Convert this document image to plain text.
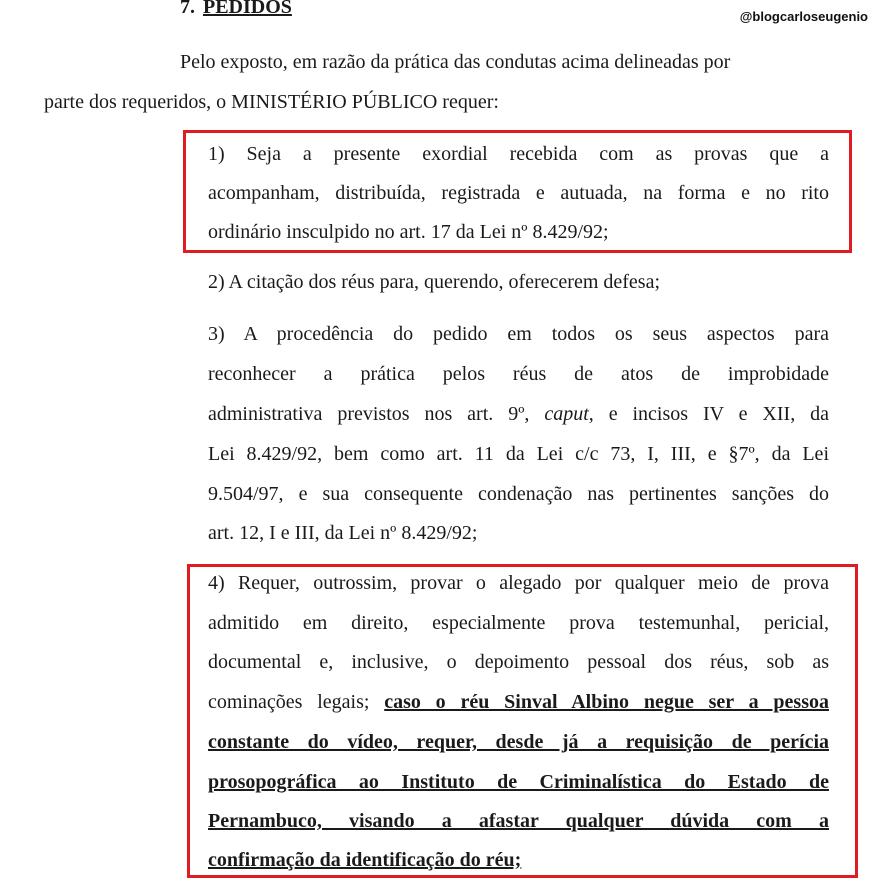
7. PEDIDOS	@blogcarloseugenio
Pelo exposto, em razão da prática das condutas acima delineadas por
parte dos requeridos, o MINISTÉRIO PÚBLICO requer:
1) Seja a presente exordial recebida com as provas que a
acompanham, distribuída, registrada e autuada, na forma e no rito
ordinário insculpido no art. 17 da Lei nº 8.429/92;
2) A citação dos réus para, querendo, oferecerem defesa;
3) A procedência do pedido em todos os seus aspectos para
reconhecer a prática pelos réus de atos de improbidade
administrativa previstos nos art. 9º, caput, e incisos IV e XII, da
Lei 8.429/92, bem como art. 11 da Lei c/c 73, I, III, e §7º, da Lei
9.504/97, e sua consequente condenação nas pertinentes sanções do
art. 12, I e III, da Lei nº 8.429/92;
4) Requer, outrossim, provar o alegado por qualquer meio de prova
admitido em direito, especialmente prova testemunhal, pericial,
documental e, inclusive, o depoimento pessoal dos réus, sob as
cominações legais; caso o réu Sinval Albino negue ser a pessoa
constante do vídeo, requer, desde já a requisição de perícia
prosopográfica ao Instituto de Criminalística do Estado de
Pernambuco, visando a afastar qualquer dúvida com a
confirmação da identificação do réu;
